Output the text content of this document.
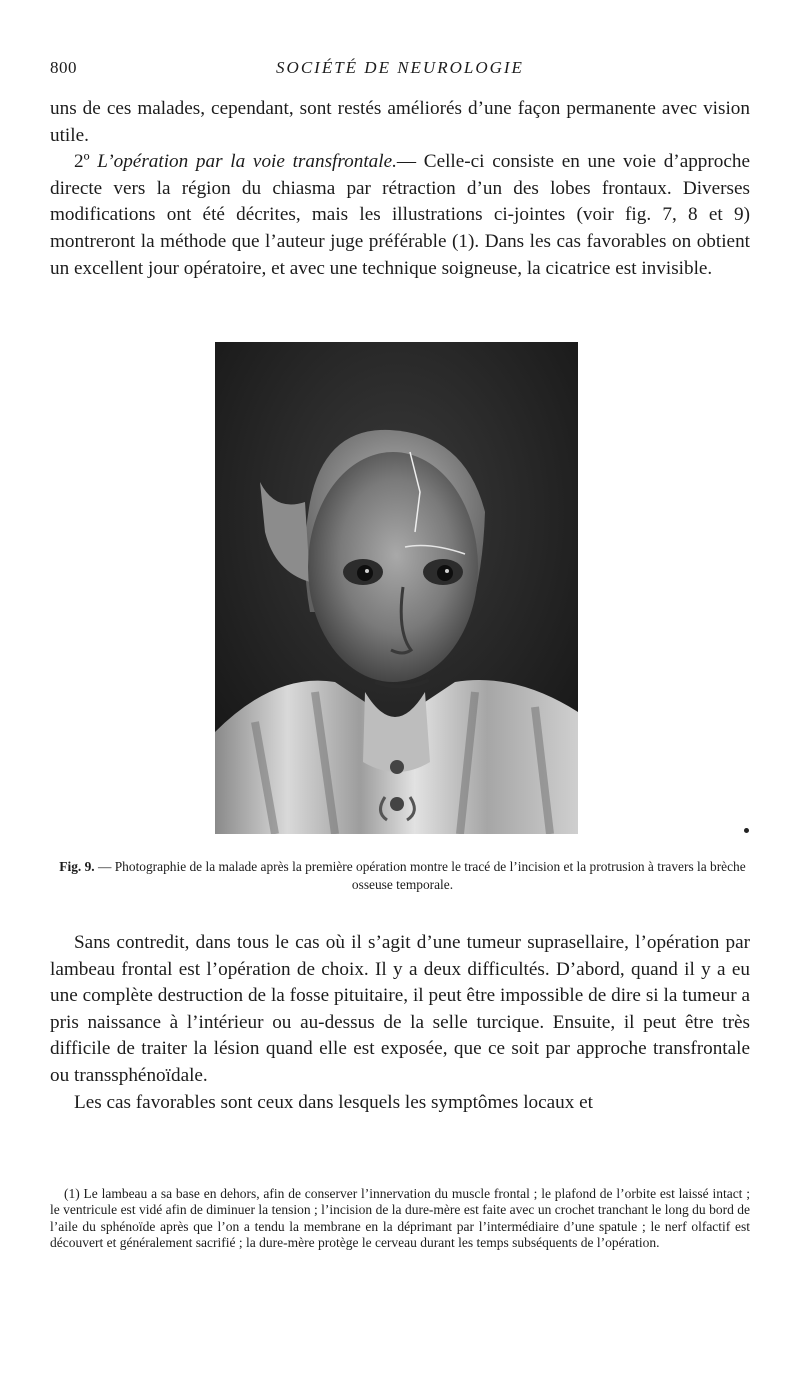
800	SOCIÉTÉ DE NEUROLOGIE

uns de ces malades, cependant, sont restés améliorés d’une façon permanente avec vision utile.

2º L’opération par la voie transfrontale.— Celle-ci consiste en une voie d’approche directe vers la région du chiasma par rétraction d’un des lobes frontaux. Diverses modifications ont été décrites, mais les illustrations ci-jointes (voir fig. 7, 8 et 9) montreront la méthode que l’auteur juge préférable (1). Dans les cas favorables on obtient un excellent jour opératoire, et avec une technique soigneuse, la cicatrice est invisible.

Fig. 9. — Photographie de la malade après la première opération montre le tracé de l’incision et la protrusion à travers la brèche osseuse temporale.

Sans contredit, dans tous le cas où il s’agit d’une tumeur suprasellaire, l’opération par lambeau frontal est l’opération de choix. Il y a deux difficultés. D’abord, quand il y a eu une complète destruction de la fosse pituitaire, il peut être impossible de dire si la tumeur a pris naissance à l’intérieur ou au-dessus de la selle turcique. Ensuite, il peut être très difficile de traiter la lésion quand elle est exposée, que ce soit par approche transfrontale ou transsphénoïdale.

Les cas favorables sont ceux dans lesquels les symptômes locaux et

(1) Le lambeau a sa base en dehors, afin de conserver l’innervation du muscle frontal ; le plafond de l’orbite est laissé intact ; le ventricule est vidé afin de diminuer la tension ; l’incision de la dure-mère est faite avec un crochet tranchant le long du bord de l’aile du sphénoïde après que l’on a tendu la membrane en la déprimant par l’intermédiaire d’une spatule ; le nerf olfactif est découvert et généralement sacrifié ; la dure-mère protège le cerveau durant les temps subséquents de l’opération.
